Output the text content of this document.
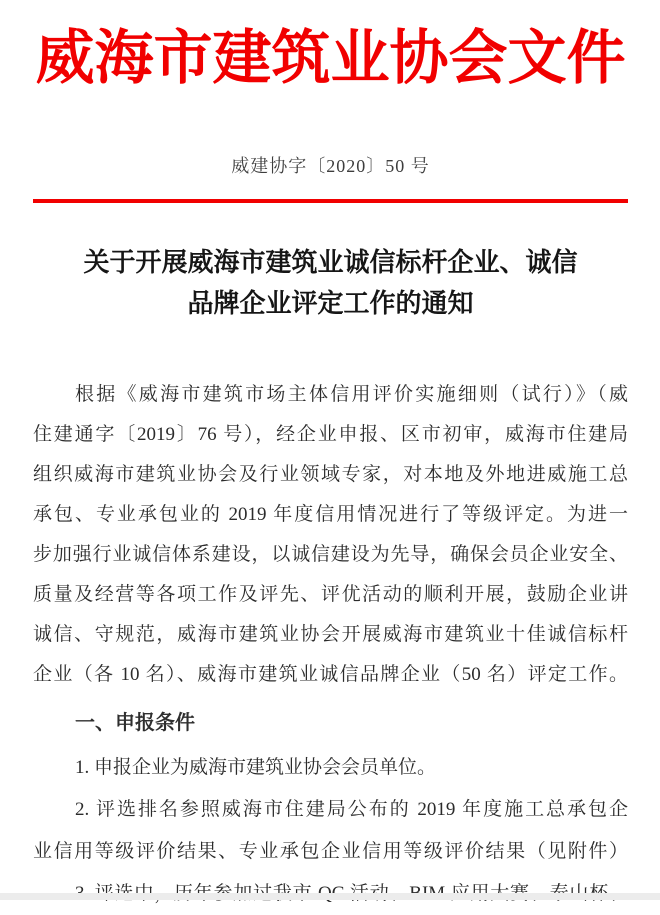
威海市建筑业协会文件
威建协字〔2020〕50 号
关于开展威海市建筑业诚信标杆企业、诚信
品牌企业评定工作的通知
根据《威海市建筑市场主体信用评价实施细则（试行）》（威
住建通字〔2019〕76 号），经企业申报、区市初审，威海市住建局
组织威海市建筑业协会及行业领域专家，对本地及外地进威施工总
承包、专业承包业的 2019 年度信用情况进行了等级评定。为进一
步加强行业诚信体系建设，以诚信建设为先导，确保会员企业安全、
质量及经营等各项工作及评先、评优活动的顺利开展，鼓励企业讲
诚信、守规范，威海市建筑业协会开展威海市建筑业十佳诚信标杆
企业（各 10 名）、威海市建筑业诚信品牌企业（50 名）评定工作。
一、申报条件
1. 申报企业为威海市建筑业协会会员单位。
2. 评选排名参照威海市住建局公布的 2019 年度施工总承包企
业信用等级评价结果、专业承包企业信用等级评价结果（见附件）
